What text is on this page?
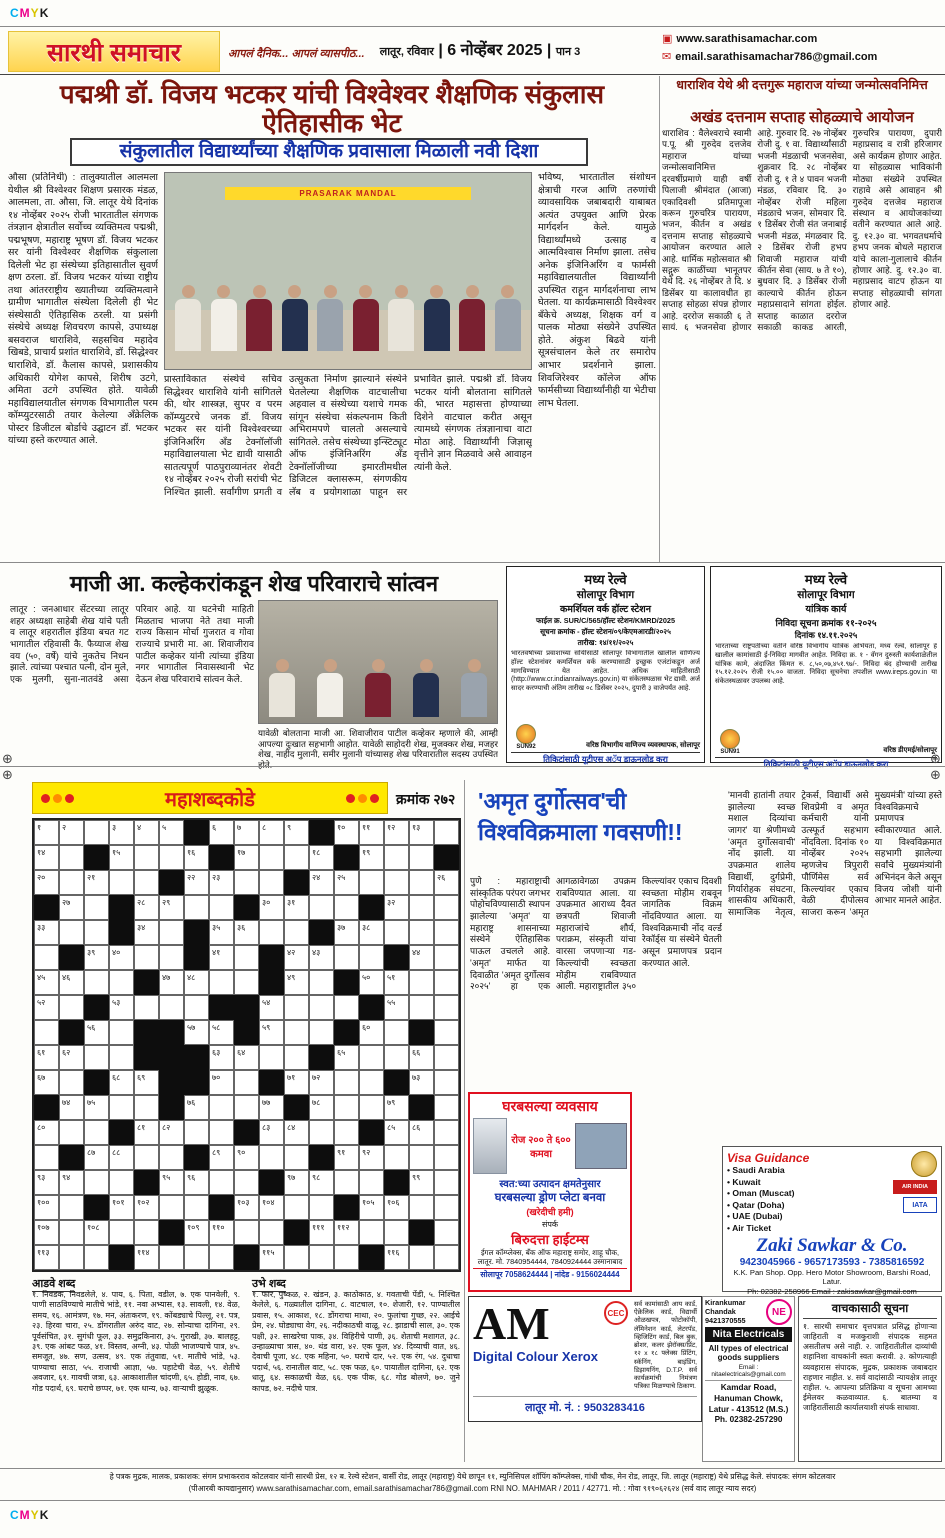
CMYK
सारथी समाचार	आपलं दैनिक... आपलं व्यासपीठ...	लातूर, रविवार | 6 नोव्हेंबर 2025 | पान 3
▣ www.sarathisamachar.com
✉ email.sarathisamachar786@gmail.com
पद्मश्री डॉ. विजय भटकर यांची विश्वेश्वर शैक्षणिक संकुलास ऐतिहासीक भेट
संकुलातील विद्यार्थ्यांच्या शैक्षणिक प्रवासाला मिळाली नवी दिशा
PRASARAK MANDAL
औसा (प्रतिनिधी) : तालुक्यातील आलमला येथील श्री विश्वेश्वर शिक्षण प्रसारक मंडळ, आलमला, ता. औसा, जि. लातूर येथे दिनांक १४ नोव्हेंबर २०२५ रोजी भारतातील संगणक तंत्रज्ञान क्षेत्रातील सर्वोच्च व्यक्तिमत्व पद्मश्री, पद्मभूषण, महाराष्ट्र भूषण डॉ. विजय भटकर सर यांनी विश्वेश्वर शैक्षणिक संकुलाला दिलेली भेट हा संस्थेच्या इतिहासातील सुवर्ण क्षण ठरला. डॉ. विजय भटकर यांच्या राष्ट्रीय तथा आंतरराष्ट्रीय ख्यातीच्या व्यक्तिमत्वाने ग्रामीण भागातील संस्थेला दिलेली ही भेट संस्थेसाठी ऐतिहासिक ठरली. या प्रसंगी संस्थेचे अध्यक्ष शिवचरण कापसे, उपाध्यक्ष बसवराज धाराशिवे, सहसचिव महादेव खिबडे, प्राचार्य प्रशांत धाराशिवे, डॉ. सिद्धेश्वर धाराशिवे, डॉ. कैलास कापसे, प्रशासकीय अधिकारी योगेश कापसे, शिरीष उटगे, अमिता उटगे उपस्थित होते. यावेळी महाविद्यालयातील संगणक विभागातील परम कॉम्प्युटरसाठी तयार केलेल्या अँक्रेलिक पोस्टर डिजीटल बोर्डाचे उद्घाटन डॉ. भटकर यांच्या हस्ते करण्यात आले.
भविष्य, भारतातील संशोधन क्षेत्राची गरज आणि तरुणांची व्यावसायिक जबाबदारी याबाबत अत्यंत उपयुक्त आणि प्रेरक मार्गदर्शन केले. यामुळे विद्यार्थ्यांमध्ये उत्साह व आत्मविश्वास निर्माण झाला. तसेच अनेक इंजिनिअरिंग व फार्मसी महाविद्यालयातील विद्यार्थ्यांनी उपस्थित राहून मार्गदर्शनाचा लाभ घेतला. या कार्यक्रमासाठी विश्वेश्वर बँकेचे अध्यक्ष, शिक्षक वर्ग व पालक मोठ्या संख्येने उपस्थित होते. अंकुश बिढवे यांनी सूत्रसंचालन केले तर समारोप आभार प्रदर्शनाने झाला. शिवजिरेश्वर कॉलेज ऑफ फार्मसीच्या विद्यार्थ्यांनीही या भेटीचा लाभ घेतला.
प्रास्ताविकात संस्थेचे सचिव सिद्धेश्वर धाराशिवे यांनी सांगितले की, थोर शास्त्रज्ञ, सुपर व परम कॉम्प्युटरचे जनक डॉ. विजय भटकर सर यांनी विश्वेश्वरच्या इंजिनिअरिंग अँड टेक्नॉलॉजी महाविद्यालयाला भेट द्यावी यासाठी सातत्यपूर्ण पाठपुराव्यानंतर शेवटी १४ नोव्हेंबर २०२५ रोजी सरांची भेट निश्चित झाली. सर्वांगीण प्रगती व उत्सुकता निर्माण झाल्याने संस्थेने घेतलेल्या शैक्षणिक वाटचालीचा अहवाल व संस्थेच्या यशाचे गमक सांगून संस्थेचा संकल्पनाम किती अभिरामपणे चालतो असल्याचे सांगितले. तसेच संस्थेच्या इन्स्टिट्यूट ऑफ इंजिनिअरिंग अँड टेक्नॉलॉजीच्या इमारतीमधील डिजिटल क्लासरूम, संगणकीय लॅब व प्रयोगशाळा पाहून सर प्रभावित झाले. पद्मश्री डॉ. विजय भटकर यांनी बोलताना सांगितले की, भारत महासत्ता होण्याच्या दिशेने वाटचाल करीत असून त्यामध्ये संगणक तंत्रज्ञानाचा वाटा मोठा आहे. विद्यार्थ्यांनी जिज्ञासू वृत्तीने ज्ञान मिळवावे असे आवाहन त्यांनी केले.
धाराशिव येथे श्री दत्तगुरू महाराज यांच्या जन्मोत्सवनिमित्त
अखंड दत्तनाम सप्ताह सोहळ्याचे आयोजन
धाराशिव : वैलेश्वराचे स्वामी प.पू. श्री गुरुदेव दत्तजेव महाराज यांच्या जन्मोत्सवानिमित्त दरवर्षीप्रमाणे याही वर्षी पिलाजी श्रीमंदात (आजा) एकादिवशी प्रतिमापूजा करून गुरुचरित्र पारायण, भजन, कीर्तन व अखंड दत्तनाम सप्ताह सोहळ्याचे आयोजन करण्यात आले आहे. धार्मिक महोत्सवात श्री सद्गुरू काळींच्या भानूतपर येथे दि. २६ नोव्हेंबर ते दि. ४ डिसेंबर या कालावधीत हा सप्ताह सोहळा संपन्न होणार आहे. दररोज सकाळी ६ ते सायं. ६ भजनसेवा होणार आहे. गुरुवार दि. २७ नोव्हेंबर रोजी दु. १ वा. विद्यार्थ्यांसाठी भजनी मंडळाची भजनसेवा, शुक्रवार दि. २८ नोव्हेंबर रोजी दु. १ ते ४ पावन भजनी मंडळ, रविवार दि. ३० नोव्हेंबर रोजी महिला मंडळाचे भजन, सोमवार दि. १ डिसेंबर रोजी संत जनाबाई भजनी मंडळ, मंगळवार दि. २ डिसेंबर रोजी हभप शिवाजी महाराज यांची कीर्तन सेवा (साय. ७ ते १०), बुधवार दि. ३ डिसेंबर रोजी काल्याचे कीर्तन होऊन महाप्रसादाने सांगता होईल. सप्ताह काळात दररोज सकाळी काकड आरती, गुरुचरित्र पारायण, दुपारी महाप्रसाद व रात्री हरिजागर असे कार्यक्रम होणार आहेत. या सोहळ्यास भाविकांनी मोठ्या संख्येने उपस्थित राहावे असे आवाहन श्री गुरुदेव दत्तजेव महाराज संस्थान व आयोजकांच्या वतीने करण्यात आले आहे. दु. १२.३० वा. भगवतधर्माचे हभप जनक बोधले महाराज यांचे काला-गुलालाचे कीर्तन होणार आहे. दु. १२.३० वा. महाप्रसाद वाटप होऊन या सप्ताह सोहळ्याची सांगता होणार आहे.
माजी आ. कल्हेकरांकडून शेख परिवाराचे सांत्वन
लातूर : जनआधार सेंटरच्या लातूर शहर अध्यक्षा साहेबी शेख यांचे पती व लातूर शहरातील इंडिया बचत गट भागातील रहिवासी कै. फैय्याज शेख वय (५०, वर्षे) यांचे नुकतेच निधन झाले. त्यांच्या पश्चात पत्नी, दोन मुले, एक मुलगी, सुना-नातवंडे असा परिवार आहे. या घटनेची माहिती मिळताच भाजपा नेते तथा माजी राज्य किसान मोर्चा गुजरात व गोवा राज्याचे प्रभारी मा. आ. शिवाजीराव पाटील कव्हेकर यांनी त्यांच्या इंडिया नगर भागातील निवासस्थानी भेट देऊन शेख परिवाराचे सांत्वन केले.
यावेळी बोलताना माजी आ. शिवाजीराव पाटील कव्हेकर म्हणाले की, आम्ही आपल्या दुःखात सहभागी आहोत. यावेळी साहोदरी शेख, मुजक्कर शेख, मजहर शेख, नाहीद मुलानी, समीर मुलानी यांच्यासह शेख परिवारातील सदस्य उपस्थित होते.
मध्य रेल्वे
सोलापूर विभाग
कमर्शियल वर्क हॉल्ट स्टेशन
फाईल क्र. SUR/C/565/हॉल्ट स्टेशन/KMRD/2025
सूचना क्रमांक - हॉल्ट स्टेशन/०९/केएमआरडी/२०२५
तारीख: १४/११/२०२५
भारतवर्षाच्या प्रवाशांच्या सोयीसाठी सोलापूर विभागातील खालील वाणिज्य हॉल्ट स्टेशनांवर कमर्शियल वर्क करण्यासाठी इच्छुक एजंटांकडून अर्ज मागविण्यात येत आहेत. अधिक माहितीसाठी (http://www.cr.indianrailways.gov.in) या संकेतस्थळास भेट द्यावी. अर्ज सादर करण्याची अंतिम तारीख ०८ डिसेंबर २०२५, दुपारी ३ वाजेपर्यंत आहे.
SUN92	वरिष्ठ विभागीय वाणिज्य व्यवस्थापक, सोलापूर
तिकिटांसाठी यूटीएस अॅप डाऊनलोड करा
मध्य रेल्वे
सोलापूर विभाग
यांत्रिक कार्य
निविदा सूचना क्रमांक ११-२०२५
दिनांक १४.११.२०२५
भारताच्या राष्ट्रपतींच्या वतीने वरिष्ठ विभागीय यांत्रिक अभियंता, मध्य रेल्वे, सोलापूर हे खालील कामांसाठी ई-निविदा मागवीत आहेत. निविदा क्र. १ - वॅगन दुरुस्ती कार्यशाळेतील यांत्रिक कामे, अंदाजित किंमत रु. ८,५०,०७,४५१.९७/-. निविदा बंद होण्याची तारीख १५.१२.२०२५ रोजी १५.०० वाजता. निविदा सूचनेचा तपशील www.ireps.gov.in या संकेतस्थळावर उपलब्ध आहे.
SUN91	वरिष्ठ डीएमई/सोलापूर
तिकिटांसाठी यूटीएस अॅप डाऊनलोड करा
⊕
⊕
⊕
⊕
महाशब्दकोडे	क्रमांक २७२
१	२	३	४	५	६	७	८	९	१०	११	१२	१३
१४	१५	१६	१७	१८	१९
२०	२१	२२	२३	२४	२५	२६
२७	२८	२९	३०	३१	३२
३३	३४	३५	३६	३७	३८
३९	४०	४१	४२	४३	४४
४५	४६	४७	४८	४९	५०	५१
५२	५३	५४	५५
५६	५७	५८	५९	६०
६१	६२	६३	६४	६५	६६
६७	६८	६९	७०	७१	७२	७३
७४	७५	७६	७७	७८	७९
८०	८१	८२	८३	८४	८५	८६
८७	८८	८९	९०	९१	९२
९३	९४	९५	९६	९७	९८	९९
१००	१०१	१०२	१०३	१०४	१०५	१०६
१०७	१०८	१०९	११०	१११	११२
११३	११४	११५	११६
आडवे शब्द
१. निवडक, निवडलेले, ४. पाय, ६. पिता, वडील, ७. एक पानवेली, ९. पाणी साठविण्याचे मातीचे भांडे, ११. नवा अभ्यास, १३. सावली, १४. वेळ, समय, १६. आमंत्रण, १७. मन, अंतःकरण, १९. कोंबड्याचे पिल्लू, २१. पत्र, २३. हिरवा चारा, २५. डोंगरातील अरुंद वाट, २७. सोन्याचा दागिना, २९. पूर्वसंचित, ३१. सुगंधी फूल, ३३. समुद्रकिनारा, ३५. गुराखी, ३७. बालहट्ट, ३९. एक आंबट फळ, ४१. विस्तव, अग्नी, ४३. पोळी भाजण्याचे पात्र, ४५. समजूत, ४७. सण, उत्सव, ४९. एक तंतुवाद्य, ५१. मातीचे भांडे, ५३. पाण्याचा साठा, ५५. राजाची आज्ञा, ५७. पहाटेची वेळ, ५९. शेतीचे अवजार, ६१. गावची जत्रा, ६३. आकाशातील चांदणी, ६५. होडी, नाव, ६७. गोड पदार्थ, ६९. घराचे छप्पर, ७१. एक धान्य, ७३. वाऱ्याची झुळूक.
उभे शब्द
१. फार, पुष्कळ, २. खंडन, ३. काठोकाठ, ४. गवताची पेंडी, ५. निश्चित केलेले, ६. गळ्यातील दागिना, ८. वाटचाल, १०. शेजारी, १२. पाण्यातील प्रवास, १५. आकाश, १८. डोंगराचा माथा, २०. फुलांचा गुच्छ, २२. आईचे प्रेम, २४. घोड्याचा वेग, २६. नदीकाठची वाळू, २८. झाडाची साल, ३०. एक पक्षी, ३२. साखरेचा पाक, ३४. विहिरीचे पाणी, ३६. शेताची मशागत, ३८. उन्हाळ्याचा त्रास, ४०. थंड वारा, ४२. एक फूल, ४४. दिव्याची वात, ४६. देवाची पूजा, ४८. एक महिना, ५०. घराचे दार, ५२. एक रंग, ५४. दुधाचा पदार्थ, ५६. रानातील वाट, ५८. एक फळ, ६०. पायातील दागिना, ६२. एक धातू, ६४. सकाळची वेळ, ६६. एक पीक, ६८. गोड बोलणे, ७०. जुने कापड, ७२. नदीचे पात्र.
'अमृत दुर्गोत्सव'ची
विश्वविक्रमाला गवसणी!!
पुणे : महाराष्ट्राची सांस्कृतिक परंपरा जगभर पोहोचविण्यासाठी स्थापन झालेल्या 'अमृत' या महाराष्ट्र शासनाच्या संस्थेने ऐतिहासिक पाऊल उचलले आहे. 'अमृत' मार्फत या दिवाळीत 'अमृत दुर्गोत्सव २०२५' हा एक आगळावेगळा उपक्रम राबविण्यात आला. या उपक्रमात आराध्य दैवत छत्रपती शिवाजी महाराजांचे शौर्य, पराक्रम, संस्कृती यांचा वारसा जपणाऱ्या गड-किल्ल्यांची स्वच्छता मोहीम राबविण्यात आली. महाराष्ट्रातील ३५० किल्ल्यांवर एकाच दिवशी स्वच्छता मोहीम राबवून जागतिक विक्रम नोंदविण्यात आला. या विश्वविक्रमाची नोंद वर्ल्ड रेकॉर्ड्स या संस्थेने घेतली असून प्रमाणपत्र प्रदान करण्यात आले.
'मानवी हातांनी तयार झालेल्या स्वच्छ मशाल दिव्यांचा जागर' या श्रेणीमध्ये 'अमृत दुर्गोत्सवाची' नोंद झाली. या उपक्रमात शालेय विद्यार्थी, दुर्गप्रेमी, गिर्यारोहक संघटना, शासकीय अधिकारी, सामाजिक नेतृत्व, ट्रेकर्स, विद्यार्थी असे शिवप्रेमी व अमृत कर्मचारी यांनी उत्स्फूर्त सहभाग नोंदविला. दिनांक १० नोव्हेंबर २०२५ म्हणजेच त्रिपुरारी पौर्णिमेस सर्व किल्ल्यांवर एकाच वेळी दीपोत्सव साजरा करून 'अमृत मुख्यमंत्री' यांच्या हस्ते विश्वविक्रमाचे प्रमाणपत्र स्वीकारण्यात आले. या विश्वविक्रमात सहभागी झालेल्या सर्वांचे मुख्यमंत्र्यांनी अभिनंदन केले असून विजय जोशी यांनी आभार मानले आहेत.
घरबसल्या व्यवसाय
रोज २०० ते ६०० कमवा
स्वत:च्या उत्पादन क्षमतेनुसार
घरबसल्या ड्रोण प्लेटा बनवा
(खरेदीची हमी)
संपर्क
बिरुदत्ता हाईटम्स
ईगल कॉम्प्लेक्स, बँक ऑफ महाराष्ट्र समोर, शाहू चौक, लातूर. मो. 7840954444, 7840924444 उस्मानाबाद
सोलापूर 7058624444 | नांदेड - 9156024444
AM
Digital Colour Xerox
CEC
सर्व कामांसाठी आय कार्ड, ऐक्रेलिक कार्ड, विद्यार्थी ओळखपत्र, फोटोकॉपी, लॅमिनेशन कार्ड, लेटरपॅड, व्हिजिटिंग कार्ड, बिल बुक, ब्रोशर, कलर झेरॉक्स/प्रिंट, १२ x १८ फ्लेक्स प्रिंटिंग, स्कॅनिंग, बाइंडिंग, डिझायनिंग, D.T.P. सर्व कार्यक्रमांची निमंत्रण पत्रिका मिळण्याचे ठिकाण.
लातूर मो. नं. : 9503283416
Visa Guidance
• Saudi Arabia
• Kuwait
• Oman (Muscat)
• Qatar (Doha)
• UAE (Dubai)
• Air Ticket
AIR INDIA
IATA
Zaki Sawkar & Co.
9423045966 - 9657173593 - 7385816592
K.K. Pan Shop. Opp. Hero Motor Showroom, Barshi Road, Latur.
Ph: 02382-258966 Email : zakisawkar@gmail.com
Kirankumar Chandak
9421370555
NE
Nita Electricals
All types of electrical goods suppliers
Email : nitaelectricals@gmail.com
Kamdar Road, Hanuman Chowk, Latur - 413512 (M.S.) Ph. 02382-257290
वाचकासाठी सूचना
१. सारथी समाचार वृत्तपत्रात प्रसिद्ध होणाऱ्या जाहिराती व मजकुराशी संपादक सहमत असतीलच असे नाही. २. जाहिरातीतील दाव्यांची शहानिशा वाचकांनी स्वतः करावी. ३. कोणत्याही व्यवहारास संपादक, मुद्रक, प्रकाशक जबाबदार राहणार नाहीत. ४. सर्व वादांसाठी न्यायक्षेत्र लातूर राहील. ५. आपल्या प्रतिक्रिया व सूचना आमच्या ईमेलवर कळवाव्यात. ६. बातम्या व जाहिरातींसाठी कार्यालयाशी संपर्क साधावा.
हे पत्रक मुद्रक, मालक, प्रकाशक: संगम प्रभाकरराव कोटलवार यांनी सारथी प्रेस, १२ ब. रेल्वे स्टेशन, वार्सी रोड, लातूर (महाराष्ट्र) येथे छापून ११, म्युनिसिपल शॉपिंग कॉम्प्लेक्स, गांधी चौक, मेन रोड, लातूर, जि. लातूर (महाराष्ट्र) येथे प्रसिद्ध केले. संपादक: संगम कोटलवार
(पीआरबी कायद्यानुसार) www.sarathisamachar.com, email.sarathisamachar786@gmail.com RNI NO. MAHMAR / 2011 / 42771. मो. : गोवा ९१९०६२६२४ (सर्व वाद लातूर न्याय सदर)
CMYK
